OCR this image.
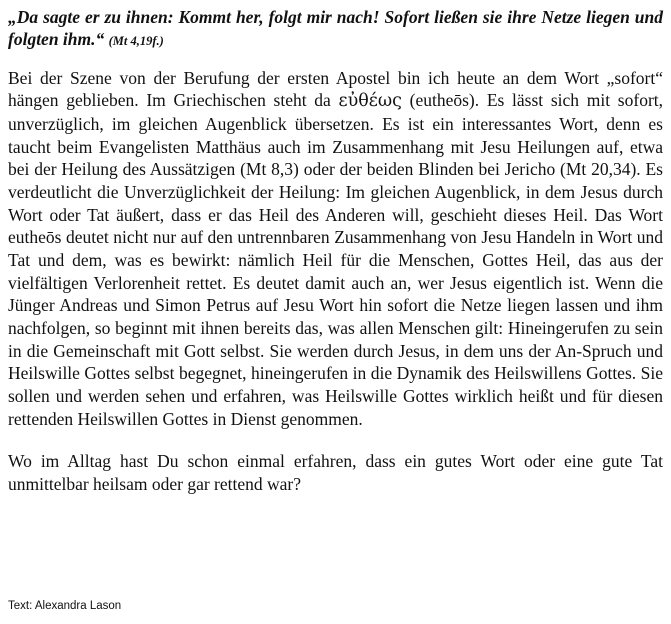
„Da sagte er zu ihnen: Kommt her, folgt mir nach! Sofort ließen sie ihre Netze liegen und folgten ihm.“ (Mt 4,19f.)

Bei der Szene von der Berufung der ersten Apostel bin ich heute an dem Wort „sofort“ hängen geblieben. Im Griechischen steht da εὐθέως (eutheōs). Es lässt sich mit sofort, unverzüglich, im gleichen Augenblick übersetzen. Es ist ein interessantes Wort, denn es taucht beim Evangelisten Matthäus auch im Zusammenhang mit Jesu Heilungen auf, etwa bei der Heilung des Aussätzigen (Mt 8,3) oder der beiden Blinden bei Jericho (Mt 20,34). Es verdeutlicht die Unverzüglichkeit der Heilung: Im gleichen Augenblick, in dem Jesus durch Wort oder Tat äußert, dass er das Heil des Anderen will, geschieht dieses Heil. Das Wort eutheōs deutet nicht nur auf den untrennbaren Zusammenhang von Jesu Handeln in Wort und Tat und dem, was es bewirkt: nämlich Heil für die Menschen, Gottes Heil, das aus der vielfältigen Verlorenheit rettet. Es deutet damit auch an, wer Jesus eigentlich ist. Wenn die Jünger Andreas und Simon Petrus auf Jesu Wort hin sofort die Netze liegen lassen und ihm nachfolgen, so beginnt mit ihnen bereits das, was allen Menschen gilt: Hineingerufen zu sein in die Gemeinschaft mit Gott selbst. Sie werden durch Jesus, in dem uns der An-Spruch und Heilswille Gottes selbst begegnet, hineingerufen in die Dynamik des Heilswillens Gottes. Sie sollen und werden sehen und erfahren, was Heilswille Gottes wirklich heißt und für diesen rettenden Heilswillen Gottes in Dienst genommen.

Wo im Alltag hast Du schon einmal erfahren, dass ein gutes Wort oder eine gute Tat unmittelbar heilsam oder gar rettend war?

Text: Alexandra Lason
